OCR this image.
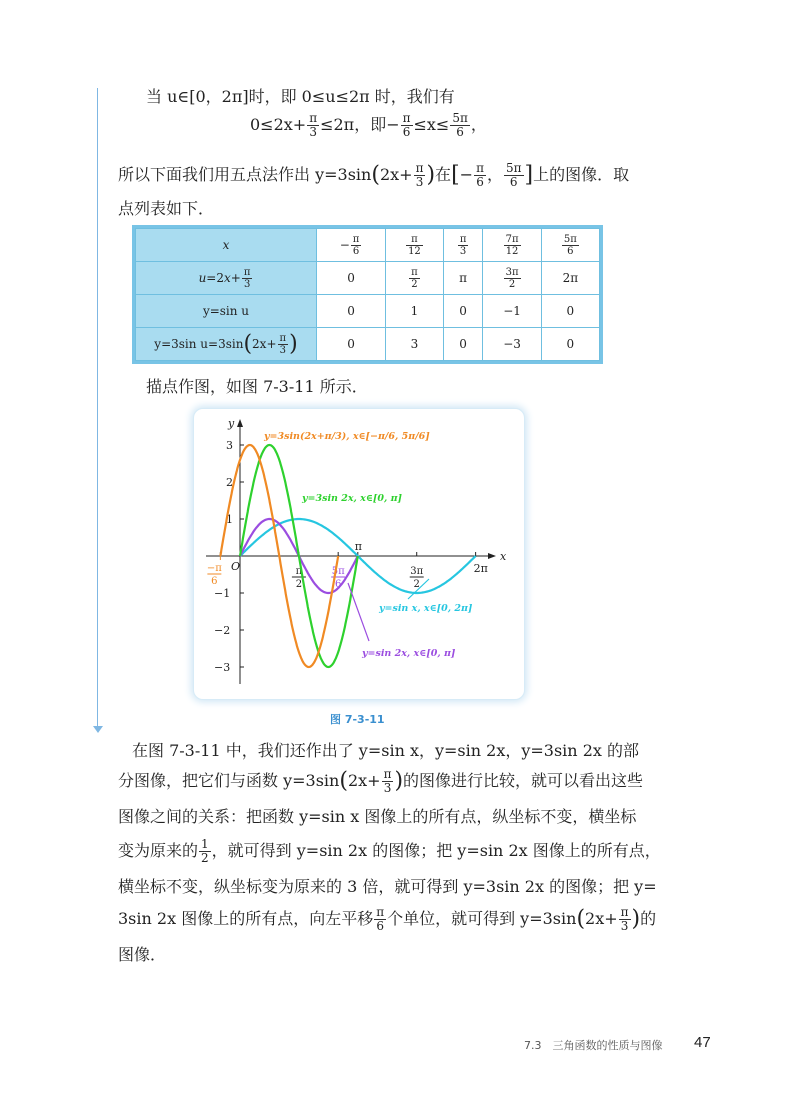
当 u∈[0，2π]时，即 0≤u≤2π 时，我们有
$0\le 2x+ \frac{\pi}{3} \le 2\pi$，即− $\frac{\pi}{6} \le x\le \frac{5\pi}{6}$ ，
所以下面我们用五点法作出 $y=3\sin(2x+ \frac{\pi}{3}$ )在[− $\frac{\pi}{6}$ ， $\frac{5\pi}{6}$ ]上的图像．取
点列表如下．
x	− $\frac{\pi}{6}$	$\frac{\pi}{12}$	$\frac{\pi}{3}$	$\frac{7\pi}{12}$	$\frac{5\pi}{6}$

$u=2x+ \frac{\pi}{3}$	0	$\frac{\pi}{2}$	π	$\frac{3\pi}{2}$	2π
y=sin u	0	1	0	−1	0
y=3sin $u=3\sin(2x+ \frac{\pi}{3}$ )	0	3	0	−3	0
描点作图，如图 7-3-11 所示．
x
y
3
2
1
−1
−2
−3
O
−π
6
π
2
5π
6
π
3π
2
2π
y=3sin(2x+π/3), x∈[−π/6, 5π/6]
y=3sin 2x, x∈[0, π]
y=sin x, x∈[0, 2π]
y=sin 2x, x∈[0, π]
图 7-3-11
在图 7-3-11 中，我们还作出了 y=sin x，y=sin 2x，y=3sin 2x 的部
分图像，把它们与函数 $y=3\sin(2x+ \frac{\pi}{3}$ )的图像进行比较，就可以看出这些
图像之间的关系：把函数 y=sin x 图像上的所有点，纵坐标不变，横坐标
变为原来的 $\frac{1}{2}$ ，就可得到 y=sin 2x 的图像；把 y=sin 2x 图像上的所有点，
横坐标不变，纵坐标变为原来的 3 倍，就可得到 y=3sin 2x 的图像；把 y=
3sin 2x 图像上的所有点，向左平移 $\frac{\pi}{6}$ 个单位，就可得到 $y=3\sin(2x+ \frac{\pi}{3}$ )的
图像．
7.3　三角函数的性质与图像 47
